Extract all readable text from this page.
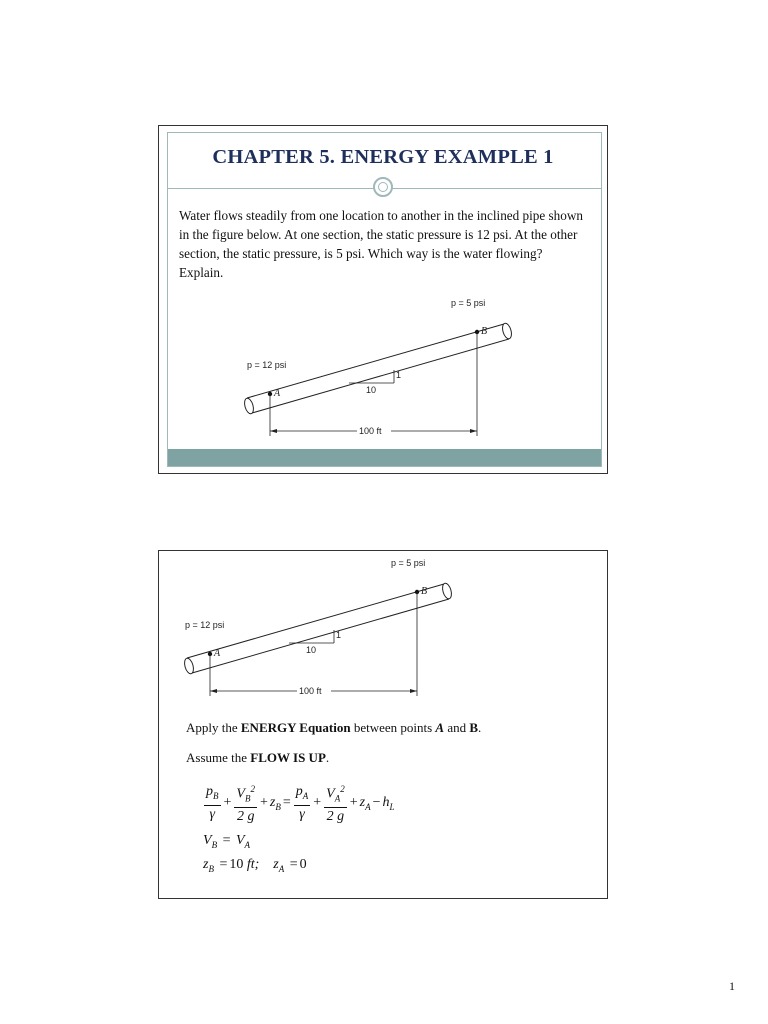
CHAPTER 5. ENERGY EXAMPLE 1
Water flows steadily from one location to another in the inclined pipe shown in the figure below. At one section, the static pressure is 12 psi. At the other section, the static pressure, is 5 psi. Which way is the water flowing? Explain.
p = 12 psi
p = 5 psi
A
B
1
10
100 ft
p = 12 psi
p = 5 psi
A
B
1
10
100 ft
Apply the ENERGY Equation between points A and B.
Assume the FLOW IS UP.
$\frac{p_B}{\gamma} + \frac{V_B^2}{2 g} + z_B = \frac{p_A}{\gamma} + \frac{V_A^2}{2 g} + z_A - h_L$
$V_B = V_A$
$z_B = 10$ ft;    $z_A = 0$
1
